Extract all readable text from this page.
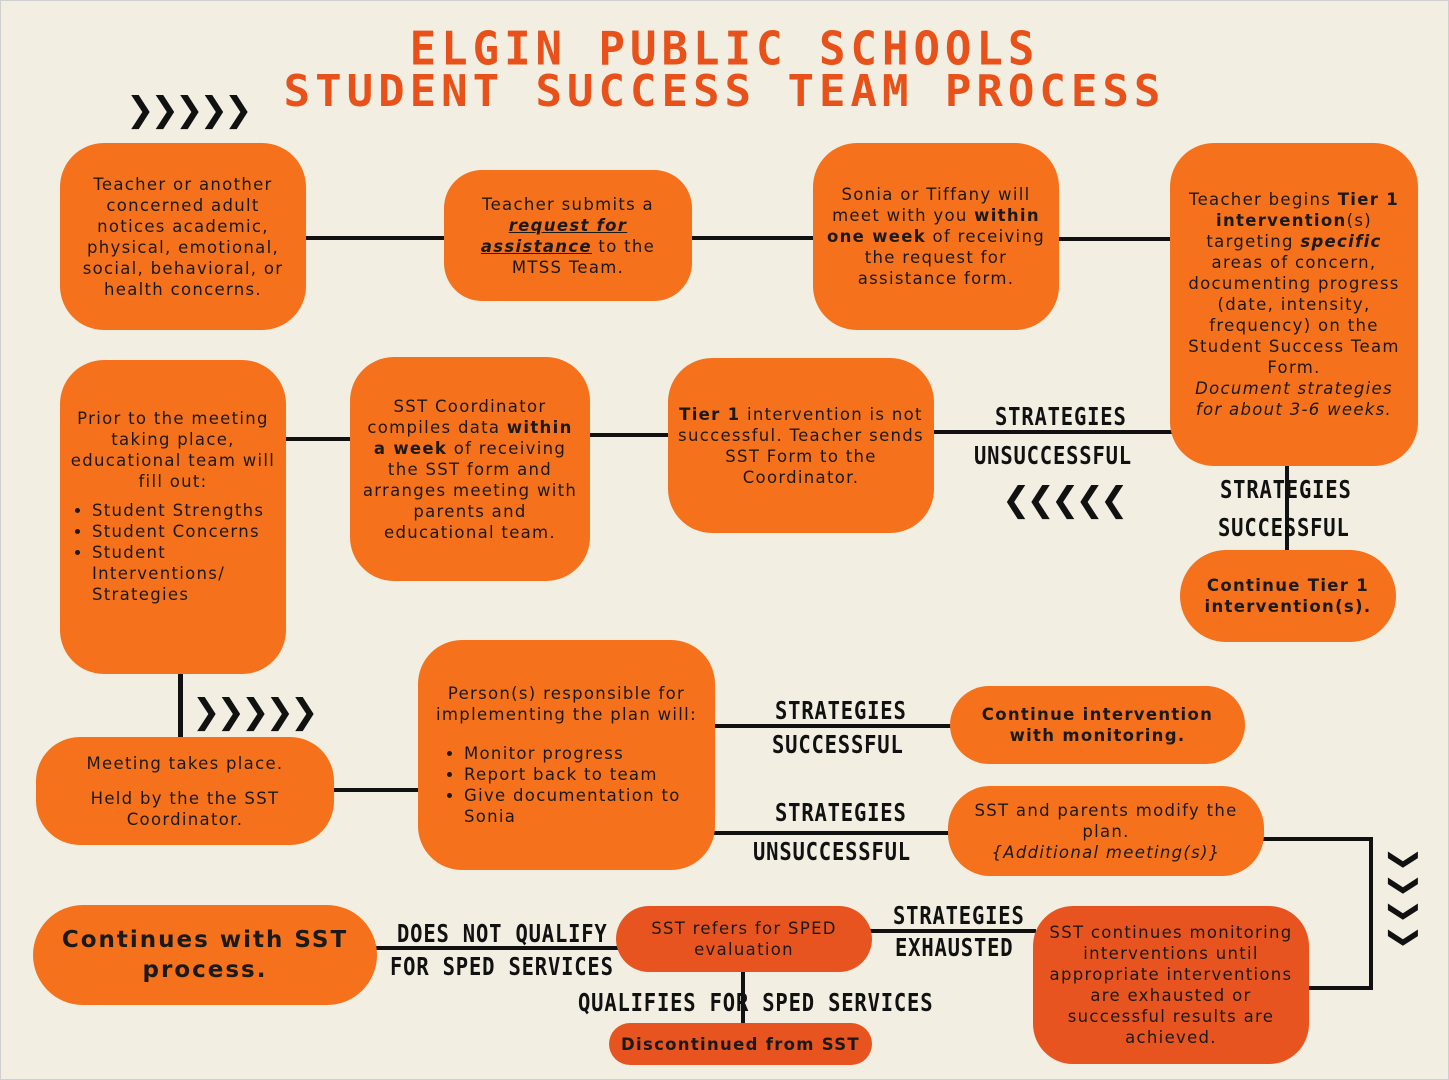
ELGIN PUBLIC SCHOOLS
STUDENT SUCCESS TEAM PROCESS

Teacher or another concerned adult notices academic, physical, emotional, social, behavioral, or health concerns.

Teacher submits a request for assistance to the MTSS Team.

Sonia or Tiffany will meet with you within one week of receiving the request for assistance form.

Teacher begins Tier 1 intervention(s) targeting specific areas of concern, documenting progress (date, intensity, frequency) on the Student Success Team Form.

Document strategies for about 3-6 weeks.

Prior to the meeting taking place, educational team will fill out:

• Student Strengths
• Student Concerns
• Student Interventions/ Strategies

SST Coordinator compiles data within a week of receiving the SST form and arranges meeting with parents and educational team.

Tier 1 intervention is not successful. Teacher sends SST Form to the Coordinator.

Continue Tier 1 intervention(s).

Meeting takes place.

Held by the the SST Coordinator.

Person(s) responsible for implementing the plan will:

• Monitor progress
• Report back to team
• Give documentation to Sonia

Continue intervention with monitoring.

SST and parents modify the plan.

{Additional meeting(s)}

Continues with SST process.

SST refers for SPED evaluation

SST continues monitoring interventions until appropriate interventions are exhausted or successful results are achieved.

Discontinued from SST

STRATEGIES
UNSUCCESSFUL
STRATEGIES
SUCCESSFUL
STRATEGIES
SUCCESSFUL
STRATEGIES
UNSUCCESSFUL
STRATEGIES
EXHAUSTED
DOES NOT QUALIFY
FOR SPED SERVICES
QUALIFIES FOR SPED SERVICES
❯❯❯❯❯
❮❮❮❮❮
❯❯❯❯❯
❯
❯
❯
❯
